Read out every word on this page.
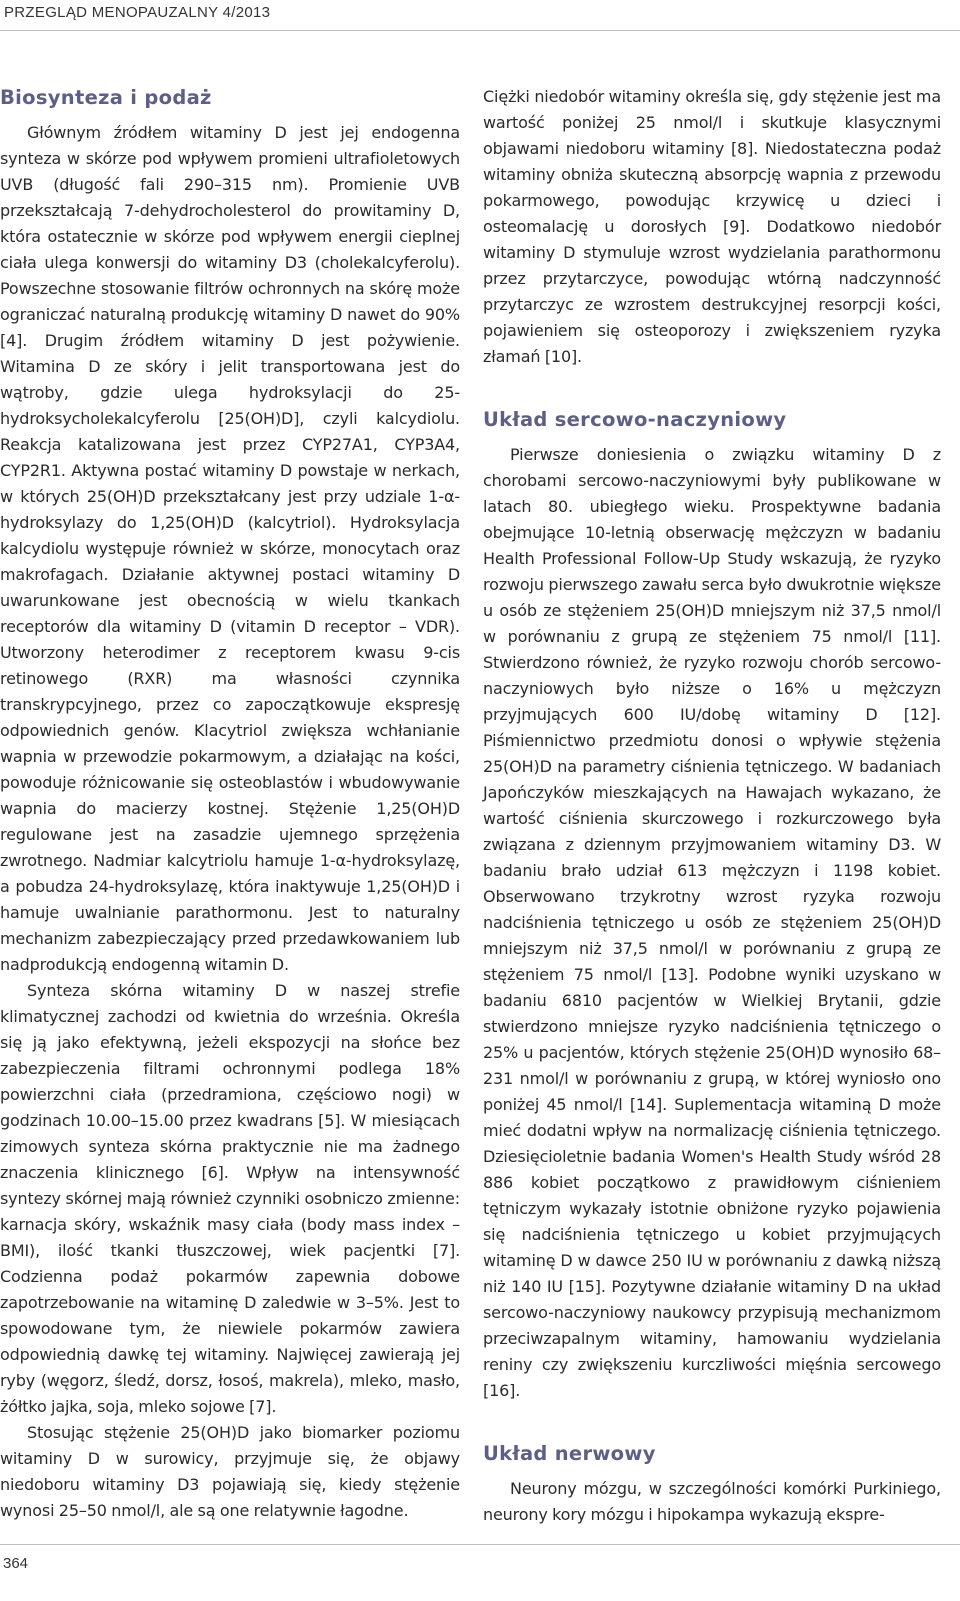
PRZEGLĄD MENOPAUZALNY 4/2013
Biosynteza i podaż

Głównym źródłem witaminy D jest jej endogenna synteza w skórze pod wpływem promieni ultrafioletowych UVB (długość fali 290–315 nm). Promienie UVB przekształcają 7-dehydrocholesterol do prowitaminy D, która ostatecznie w skórze pod wpływem energii cieplnej ciała ulega konwersji do witaminy D3 (cholekalcyferolu). Powszechne stosowanie filtrów ochronnych na skórę może ograniczać naturalną produkcję witaminy D nawet do 90% [4]. Drugim źródłem witaminy D jest pożywienie. Witamina D ze skóry i jelit transportowana jest do wątroby, gdzie ulega hydroksylacji do 25-hydroksycholekalcyferolu [25(OH)D], czyli kalcydiolu. Reakcja katalizowana jest przez CYP27A1, CYP3A4, CYP2R1. Aktywna postać witaminy D powstaje w nerkach, w których 25(OH)D przekształcany jest przy udziale 1-α-hydroksylazy do 1,25(OH)D (kalcytriol). Hydroksylacja kalcydiolu występuje również w skórze, monocytach oraz makrofagach. Działanie aktywnej postaci witaminy D uwarunkowane jest obecnością w wielu tkankach receptorów dla witaminy D (vitamin D receptor – VDR). Utworzony heterodimer z receptorem kwasu 9-cis retinowego (RXR) ma własności czynnika transkrypcyjnego, przez co zapoczątkowuje ekspresję odpowiednich genów. Klacytriol zwiększa wchłanianie wapnia w przewodzie pokarmowym, a działając na kości, powoduje różnicowanie się osteoblastów i wbudowywanie wapnia do macierzy kostnej. Stężenie 1,25(OH)D regulowane jest na zasadzie ujemnego sprzężenia zwrotnego. Nadmiar kalcytriolu hamuje 1-α-hydroksylazę, a pobudza 24-hydroksylazę, która inaktywuje 1,25(OH)D i hamuje uwalnianie parathormonu. Jest to naturalny mechanizm zabezpieczający przed przedawkowaniem lub nadprodukcją endogenną witamin D.

Synteza skórna witaminy D w naszej strefie klimatycznej zachodzi od kwietnia do września. Określa się ją jako efektywną, jeżeli ekspozycji na słońce bez zabezpieczenia filtrami ochronnymi podlega 18% powierzchni ciała (przedramiona, częściowo nogi) w godzinach 10.00–15.00 przez kwadrans [5]. W miesiącach zimowych synteza skórna praktycznie nie ma żadnego znaczenia klinicznego [6]. Wpływ na intensywność syntezy skórnej mają również czynniki osobniczo zmienne: karnacja skóry, wskaźnik masy ciała (body mass index – BMI), ilość tkanki tłuszczowej, wiek pacjentki [7]. Codzienna podaż pokarmów zapewnia dobowe zapotrzebowanie na witaminę D zaledwie w 3–5%. Jest to spowodowane tym, że niewiele pokarmów zawiera odpowiednią dawkę tej witaminy. Najwięcej zawierają jej ryby (węgorz, śledź, dorsz, łosoś, makrela), mleko, masło, żółtko jajka, soja, mleko sojowe [7].

Stosując stężenie 25(OH)D jako biomarker poziomu witaminy D w surowicy, przyjmuje się, że objawy niedoboru witaminy D3 pojawiają się, kiedy stężenie wynosi 25–50 nmol/l, ale są one relatywnie łagodne.

Ciężki niedobór witaminy określa się, gdy stężenie jest ma wartość poniżej 25 nmol/l i skutkuje klasycznymi objawami niedoboru witaminy [8]. Niedostateczna podaż witaminy obniża skuteczną absorpcję wapnia z przewodu pokarmowego, powodując krzywicę u dzieci i osteomalację u dorosłych [9]. Dodatkowo niedobór witaminy D stymuluje wzrost wydzielania parathormonu przez przytarczyce, powodując wtórną nadczynność przytarczyc ze wzrostem destrukcyjnej resorpcji kości, pojawieniem się osteoporozy i zwiększeniem ryzyka złamań [10].

Układ sercowo-naczyniowy

Pierwsze doniesienia o związku witaminy D z chorobami sercowo-naczyniowymi były publikowane w latach 80. ubiegłego wieku. Prospektywne badania obejmujące 10-letnią obserwację mężczyzn w badaniu Health Professional Follow-Up Study wskazują, że ryzyko rozwoju pierwszego zawału serca było dwukrotnie większe u osób ze stężeniem 25(OH)D mniejszym niż 37,5 nmol/l w porównaniu z grupą ze stężeniem 75 nmol/l [11]. Stwierdzono również, że ryzyko rozwoju chorób sercowo-naczyniowych było niższe o 16% u mężczyzn przyjmujących 600 IU/dobę witaminy D [12]. Piśmiennictwo przedmiotu donosi o wpływie stężenia 25(OH)D na parametry ciśnienia tętniczego. W badaniach Japończyków mieszkających na Hawajach wykazano, że wartość ciśnienia skurczowego i rozkurczowego była związana z dziennym przyjmowaniem witaminy D3. W badaniu brało udział 613 mężczyzn i 1198 kobiet. Obserwowano trzykrotny wzrost ryzyka rozwoju nadciśnienia tętniczego u osób ze stężeniem 25(OH)D mniejszym niż 37,5 nmol/l w porównaniu z grupą ze stężeniem 75 nmol/l [13]. Podobne wyniki uzyskano w badaniu 6810 pacjentów w Wielkiej Brytanii, gdzie stwierdzono mniejsze ryzyko nadciśnienia tętniczego o 25% u pacjentów, których stężenie 25(OH)D wynosiło 68–231 nmol/l w porównaniu z grupą, w której wyniosło ono poniżej 45 nmol/l [14]. Suplementacja witaminą D może mieć dodatni wpływ na normalizację ciśnienia tętniczego. Dziesięcioletnie badania Women's Health Study wśród 28 886 kobiet początkowo z prawidłowym ciśnieniem tętniczym wykazały istotnie obniżone ryzyko pojawienia się nadciśnienia tętniczego u kobiet przyjmujących witaminę D w dawce 250 IU w porównaniu z dawką niższą niż 140 IU [15]. Pozytywne działanie witaminy D na układ sercowo-naczyniowy naukowcy przypisują mechanizmom przeciwzapalnym witaminy, hamowaniu wydzielania reniny czy zwiększeniu kurczliwości mięśnia sercowego [16].

Układ nerwowy

Neurony mózgu, w szczególności komórki Purkiniego, neurony kory mózgu i hipokampa wykazują ekspre-

364
